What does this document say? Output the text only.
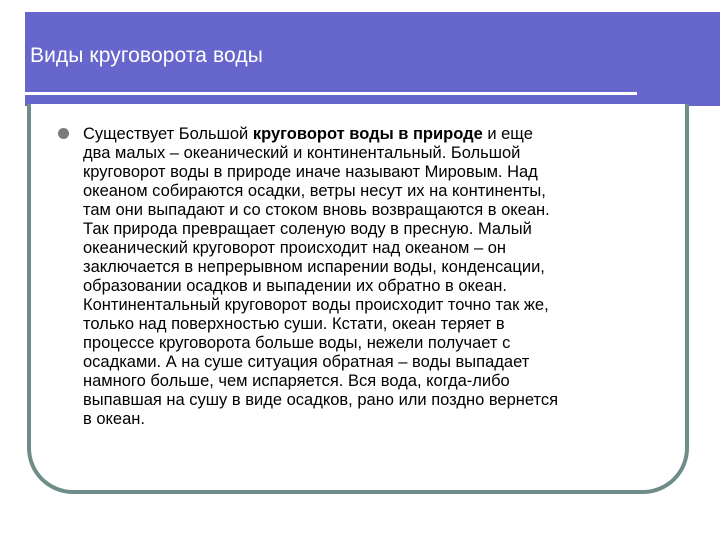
Виды круговорота воды
Существует Большой круговорот воды в природе и еще
два малых – океанический и континентальный. Большой
круговорот воды в природе иначе называют Мировым. Над
океаном собираются осадки, ветры несут их на континенты,
там они выпадают и со стоком вновь возвращаются в океан.
Так природа превращает соленую воду в пресную. Малый
океанический круговорот происходит над океаном – он
заключается в непрерывном испарении воды, конденсации,
образовании осадков и выпадении их обратно в океан.
Континентальный круговорот воды происходит точно так же,
только над поверхностью суши. Кстати, океан теряет в
процессе круговорота больше воды, нежели получает с
осадками. А на суше ситуация обратная – воды выпадает
намного больше, чем испаряется. Вся вода, когда-либо
выпавшая на сушу в виде осадков, рано или поздно вернется
в океан.
